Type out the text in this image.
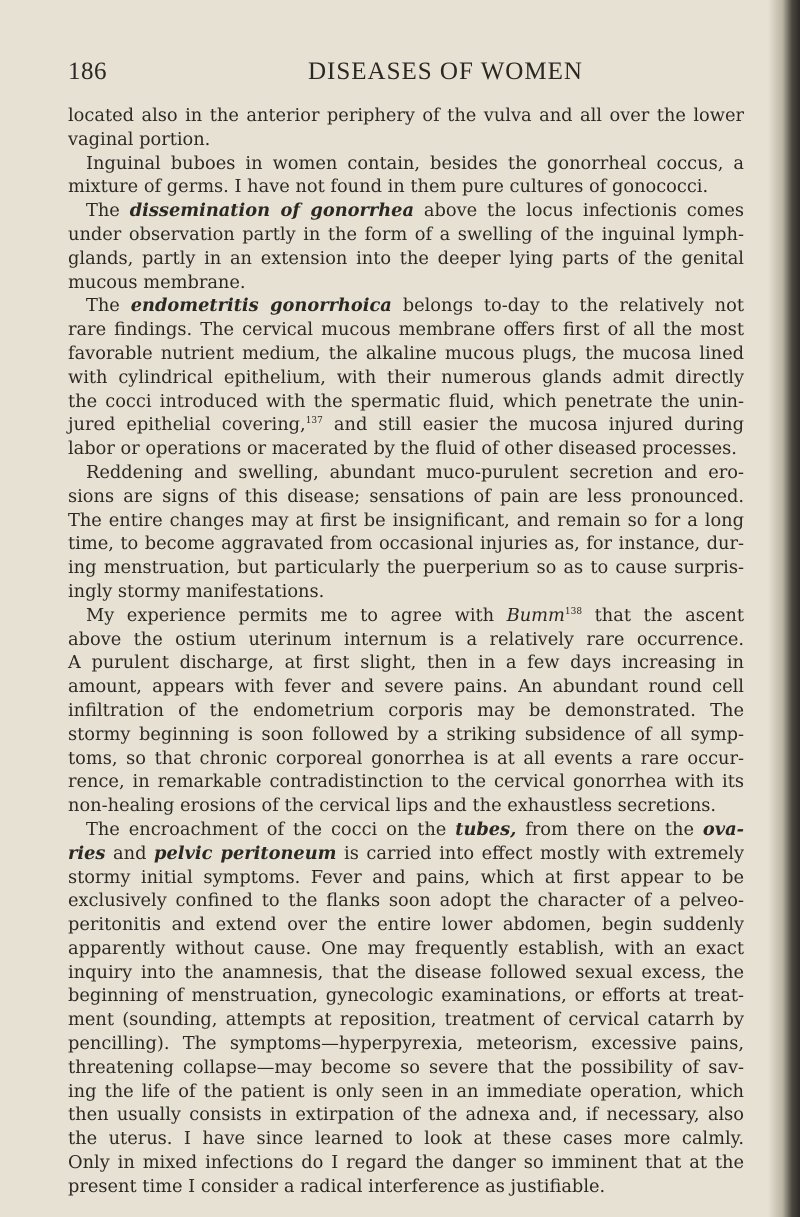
186	DISEASES OF WOMEN
located also in the anterior periphery of the vulva and all over the lower
vaginal portion.
Inguinal buboes in women contain, besides the gonorrheal coccus, a
mixture of germs. I have not found in them pure cultures of gonococci.
The dissemination of gonorrhea above the locus infectionis comes
under observation partly in the form of a swelling of the inguinal lymph-
glands, partly in an extension into the deeper lying parts of the genital
mucous membrane.
The endometritis gonorrhoica belongs to-day to the relatively not
rare findings. The cervical mucous membrane offers first of all the most
favorable nutrient medium, the alkaline mucous plugs, the mucosa lined
with cylindrical epithelium, with their numerous glands admit directly
the cocci introduced with the spermatic fluid, which penetrate the unin-
jured epithelial covering,$^{137}$ and still easier the mucosa injured during
labor or operations or macerated by the fluid of other diseased processes.
Reddening and swelling, abundant muco-purulent secretion and ero-
sions are signs of this disease; sensations of pain are less pronounced.
The entire changes may at first be insignificant, and remain so for a long
time, to become aggravated from occasional injuries as, for instance, dur-
ing menstruation, but particularly the puerperium so as to cause surpris-
ingly stormy manifestations.
My experience permits me to agree with Bumm$^{138}$ that the ascent
above the ostium uterinum internum is a relatively rare occurrence.
A purulent discharge, at first slight, then in a few days increasing in
amount, appears with fever and severe pains. An abundant round cell
infiltration of the endometrium corporis may be demonstrated. The
stormy beginning is soon followed by a striking subsidence of all symp-
toms, so that chronic corporeal gonorrhea is at all events a rare occur-
rence, in remarkable contradistinction to the cervical gonorrhea with its
non-healing erosions of the cervical lips and the exhaustless secretions.
The encroachment of the cocci on the tubes, from there on the ova-
ries and pelvic peritoneum is carried into effect mostly with extremely
stormy initial symptoms. Fever and pains, which at first appear to be
exclusively confined to the flanks soon adopt the character of a pelveo-
peritonitis and extend over the entire lower abdomen, begin suddenly
apparently without cause. One may frequently establish, with an exact
inquiry into the anamnesis, that the disease followed sexual excess, the
beginning of menstruation, gynecologic examinations, or efforts at treat-
ment (sounding, attempts at reposition, treatment of cervical catarrh by
pencilling). The symptoms—hyperpyrexia, meteorism, excessive pains,
threatening collapse—may become so severe that the possibility of sav-
ing the life of the patient is only seen in an immediate operation, which
then usually consists in extirpation of the adnexa and, if necessary, also
the uterus. I have since learned to look at these cases more calmly.
Only in mixed infections do I regard the danger so imminent that at the
present time I consider a radical interference as justifiable.
